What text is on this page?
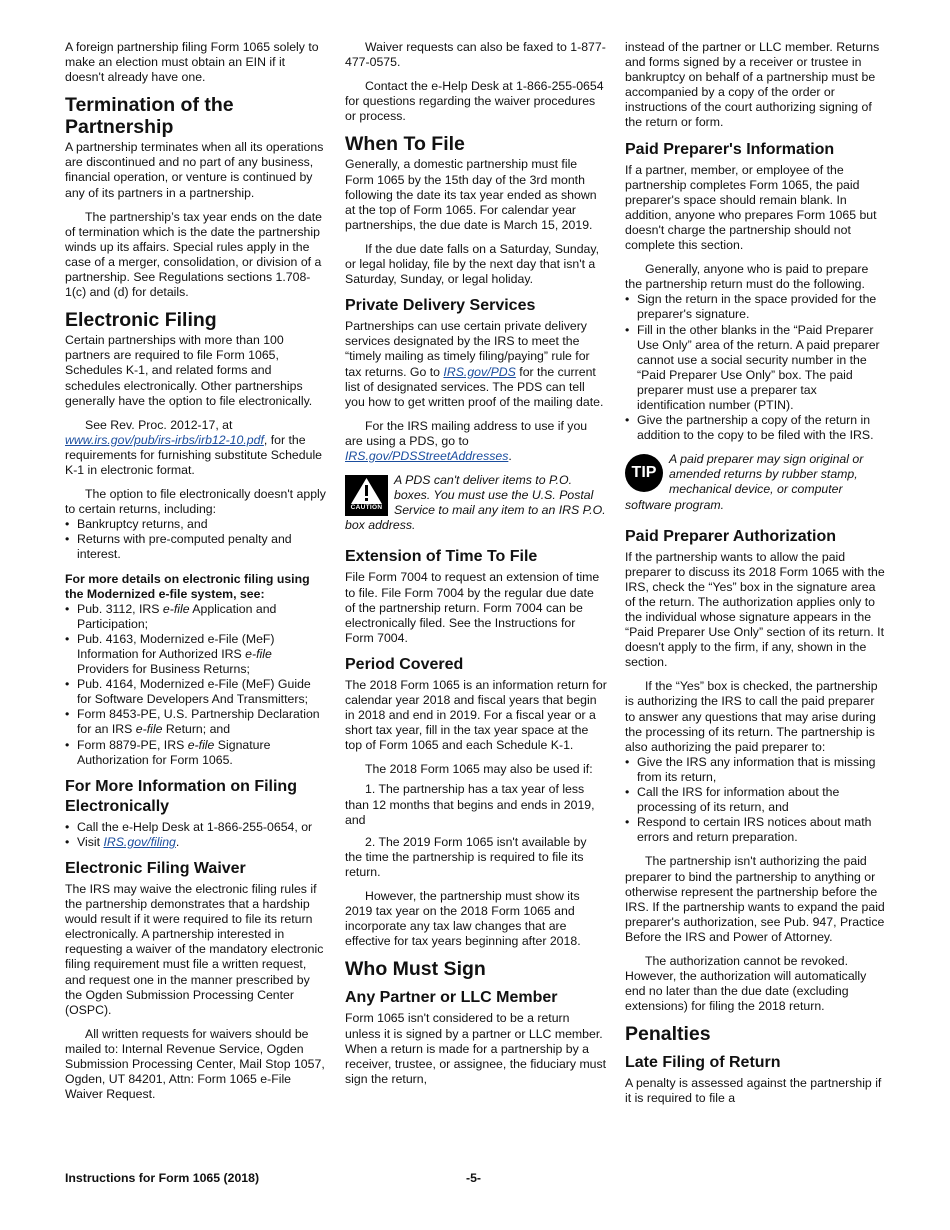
A foreign partnership filing Form 1065 solely to make an election must obtain an EIN if it doesn't already have one.

Termination of the Partnership

A partnership terminates when all its operations are discontinued and no part of any business, financial operation, or venture is continued by any of its partners in a partnership.

The partnership’s tax year ends on the date of termination which is the date the partnership winds up its affairs. Special rules apply in the case of a merger, consolidation, or division of a partnership. See Regulations sections 1.708-1(c) and (d) for details.

Electronic Filing

Certain partnerships with more than 100 partners are required to file Form 1065, Schedules K-1, and related forms and schedules electronically. Other partnerships generally have the option to file electronically.

See Rev. Proc. 2012-17, at www.irs.gov/pub/irs-irbs/irb12-10.pdf, for the requirements for furnishing substitute Schedule K-1 in electronic format.

The option to file electronically doesn't apply to certain returns, including:

• Bankruptcy returns, and
• Returns with pre-computed penalty and interest.
For more details on electronic filing using the Modernized e-file system, see:
• Pub. 3112, IRS e-file Application and Participation;
• Pub. 4163, Modernized e-File (MeF) Information for Authorized IRS e-file Providers for Business Returns;
• Pub. 4164, Modernized e-File (MeF) Guide for Software Developers And Transmitters;
• Form 8453-PE, U.S. Partnership Declaration for an IRS e-file Return; and
• Form 8879-PE, IRS e-file Signature Authorization for Form 1065.
For More Information on Filing Electronically
• Call the e-Help Desk at 1-866-255-0654, or
• Visit IRS.gov/filing.
Electronic Filing Waiver

The IRS may waive the electronic filing rules if the partnership demonstrates that a hardship would result if it were required to file its return electronically. A partnership interested in requesting a waiver of the mandatory electronic filing requirement must file a written request, and request one in the manner prescribed by the Ogden Submission Processing Center (OSPC).

All written requests for waivers should be mailed to: Internal Revenue Service, Ogden Submission Processing Center, Mail Stop 1057, Ogden, UT 84201, Attn: Form 1065 e-File Waiver Request.

Waiver requests can also be faxed to 1-877-477-0575.

Contact the e-Help Desk at 1-866-255-0654 for questions regarding the waiver procedures or process.

When To File

Generally, a domestic partnership must file Form 1065 by the 15th day of the 3rd month following the date its tax year ended as shown at the top of Form 1065. For calendar year partnerships, the due date is March 15, 2019.

If the due date falls on a Saturday, Sunday, or legal holiday, file by the next day that isn't a Saturday, Sunday, or legal holiday.

Private Delivery Services

Partnerships can use certain private delivery services designated by the IRS to meet the “timely mailing as timely filing/paying” rule for tax returns. Go to IRS.gov/PDS for the current list of designated services. The PDS can tell you how to get written proof of the mailing date.

For the IRS mailing address to use if you are using a PDS, go to IRS.gov/PDSStreetAddresses.

CAUTION
A PDS can't deliver items to P.O. boxes. You must use the U.S. Postal Service to mail any item to an IRS P.O. box address.
Extension of Time To File

File Form 7004 to request an extension of time to file. File Form 7004 by the regular due date of the partnership return. Form 7004 can be electronically filed. See the Instructions for Form 7004.

Period Covered

The 2018 Form 1065 is an information return for calendar year 2018 and fiscal years that begin in 2018 and end in 2019. For a fiscal year or a short tax year, fill in the tax year space at the top of Form 1065 and each Schedule K-1.

The 2018 Form 1065 may also be used if:

1. The partnership has a tax year of less than 12 months that begins and ends in 2019, and
2. The 2019 Form 1065 isn't available by the time the partnership is required to file its return.

However, the partnership must show its 2019 tax year on the 2018 Form 1065 and incorporate any tax law changes that are effective for tax years beginning after 2018.

Who Must Sign
Any Partner or LLC Member

Form 1065 isn't considered to be a return unless it is signed by a partner or LLC member. When a return is made for a partnership by a receiver, trustee, or assignee, the fiduciary must sign the return,

instead of the partner or LLC member. Returns and forms signed by a receiver or trustee in bankruptcy on behalf of a partnership must be accompanied by a copy of the order or instructions of the court authorizing signing of the return or form.

Paid Preparer's Information

If a partner, member, or employee of the partnership completes Form 1065, the paid preparer's space should remain blank. In addition, anyone who prepares Form 1065 but doesn't charge the partnership should not complete this section.

Generally, anyone who is paid to prepare the partnership return must do the following.

• Sign the return in the space provided for the preparer's signature.
• Fill in the other blanks in the “Paid Preparer Use Only” area of the return. A paid preparer cannot use a social security number in the “Paid Preparer Use Only” box. The paid preparer must use a preparer tax identification number (PTIN).
• Give the partnership a copy of the return in addition to the copy to be filed with the IRS.
TIP
A paid preparer may sign original or amended returns by rubber stamp, mechanical device, or computer software program.
Paid Preparer Authorization

If the partnership wants to allow the paid preparer to discuss its 2018 Form 1065 with the IRS, check the “Yes” box in the signature area of the return. The authorization applies only to the individual whose signature appears in the “Paid Preparer Use Only” section of its return. It doesn't apply to the firm, if any, shown in the section.

If the “Yes” box is checked, the partnership is authorizing the IRS to call the paid preparer to answer any questions that may arise during the processing of its return. The partnership is also authorizing the paid preparer to:

• Give the IRS any information that is missing from its return,
• Call the IRS for information about the processing of its return, and
• Respond to certain IRS notices about math errors and return preparation.

The partnership isn't authorizing the paid preparer to bind the partnership to anything or otherwise represent the partnership before the IRS. If the partnership wants to expand the paid preparer's authorization, see Pub. 947, Practice Before the IRS and Power of Attorney.

The authorization cannot be revoked. However, the authorization will automatically end no later than the due date (excluding extensions) for filing the 2018 return.

Penalties
Late Filing of Return

A penalty is assessed against the partnership if it is required to file a

Instructions for Form 1065 (2018)	-5-
